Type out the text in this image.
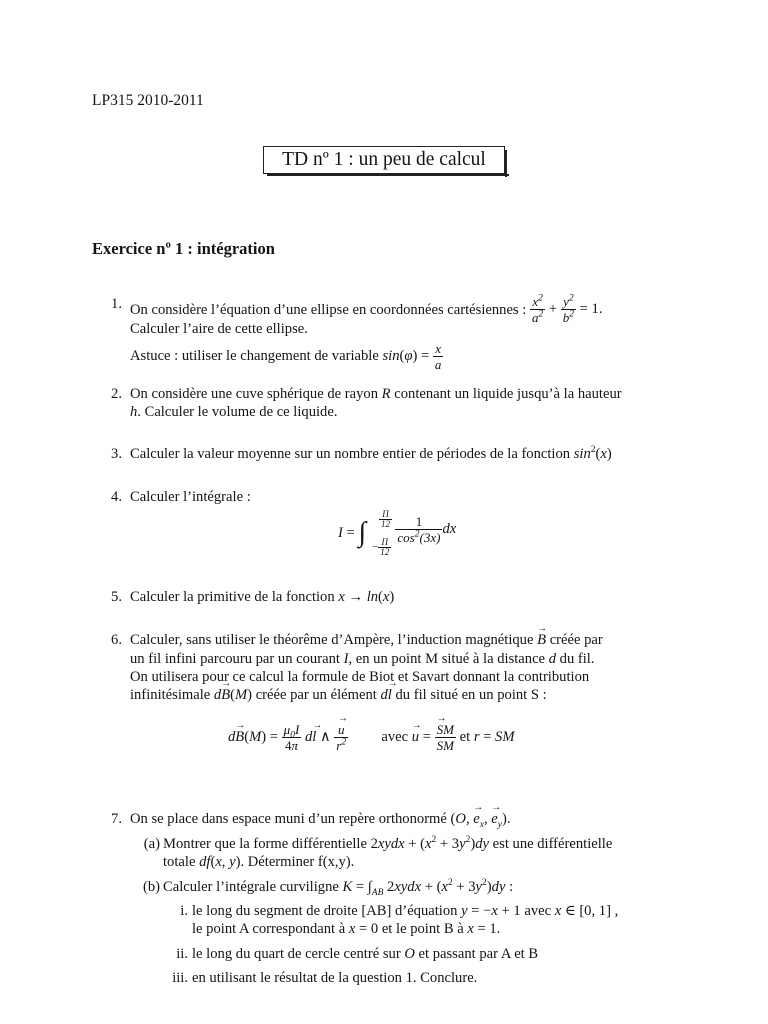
LP315 2010-2011
TD nº 1 : un peu de calcul
Exercice nº 1 : intégration
1. On considère l’équation d’une ellipse en coordonnées cartésiennes : $\frac{x^2}{a^2} + \frac{y^2}{b^2} = 1$.
Calculer l’aire de cette ellipse.
Astuce : utiliser le changement de variable $\sin(\varphi) = \frac{x}{a}$
2. On considère une cuve sphérique de rayon R contenant un liquide jusqu’à la hauteur
h. Calculer le volume de ce liquide.
3. Calculer la valeur moyenne sur un nombre entier de périodes de la fonction $\sin^2(x)$
4. Calculer l’intégrale :
I = ∫ $\frac{\Pi}{12}$
− $\frac{\Pi}{12}$

$\frac{1}{\cos^2(3x)}$ dx
5. Calculer la primitive de la fonction x → ln(x)
6. Calculer, sans utiliser le théorême d’Ampère, l’induction magnétique → B créée par
un fil infini parcouru par un courant I, en un point M situé à la distance d du fil.
On utilisera pour ce calcul la formule de Biot et Savart donnant la contribution
infinitésimale d→ B(M) créée par un élément d→ l du fil situé en un point S :
$d\to B(M) = \frac{\mu_0I}{4\pi} d\to l$ ∧ → $\frac{u}{r^2}$ avec → u = → $\frac{SM}{SM}$ et r = SM
7. On se place dans espace muni d’un repère orthonormé (O, → $e_x$, → $e_y$).
(a) Montrer que la forme différentielle 2xydx + $(x^2 + 3y^2)dy$ est une différentielle
totale df(x, y). Déterminer f(x,y).
(b) Calculer l’intégrale curviligne $K = \int_{AB}$ 2xydx + $(x^2 + 3y^2)dy$ :
i. le long du segment de droite [AB] d’équation y = −x + 1 avec x ∈ [0, 1] ,
le point A correspondant à x = 0 et le point B à x = 1.
ii. le long du quart de cercle centré sur O et passant par A et B
iii. en utilisant le résultat de la question 1. Conclure.
